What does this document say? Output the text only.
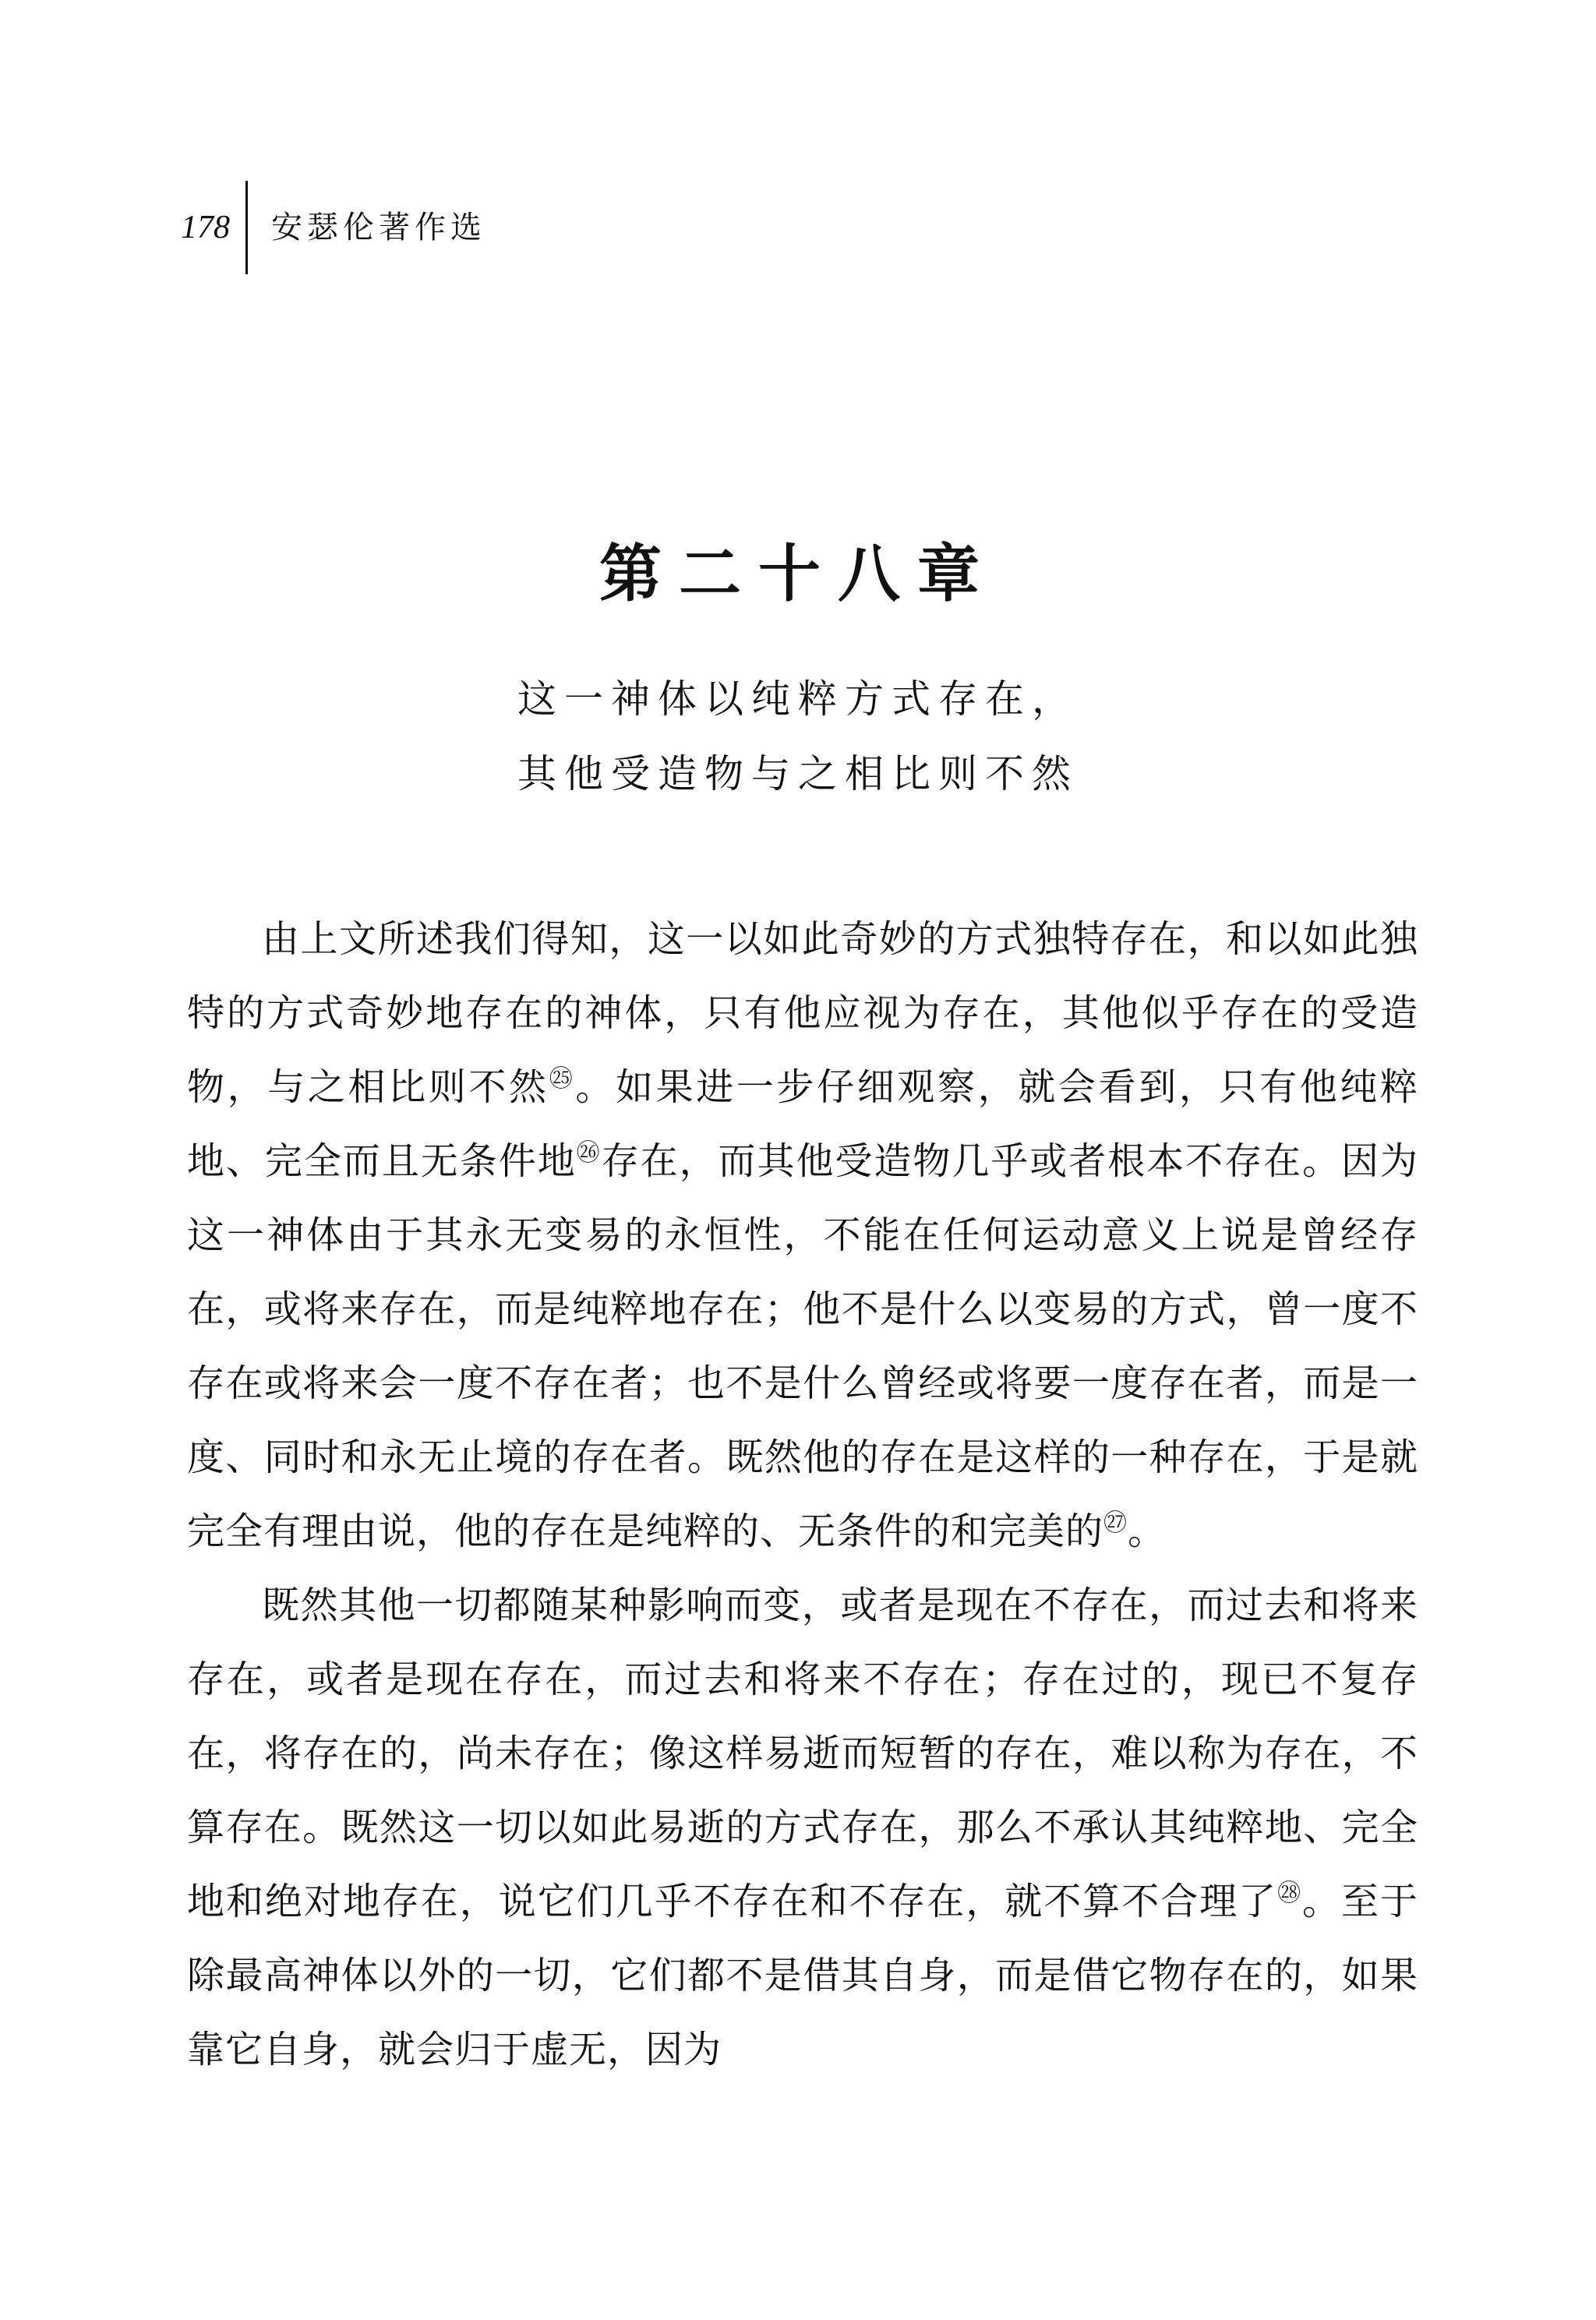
178	安瑟伦著作选
第二十八章
这一神体以纯粹方式存在，
其他受造物与之相比则不然

由上文所述我们得知，这一以如此奇妙的方式独特存在，和以如此独特的方式奇妙地存在的神体，只有他应视为存在，其他似乎存在的受造物，与之相比则不然$^㉕$。如果进一步仔细观察，就会看到，只有他纯粹地、完全而且无条件地$^㉖$存在，而其他受造物几乎或者根本不存在。因为这一神体由于其永无变易的永恒性，不能在任何运动意义上说是曾经存在，或将来存在，而是纯粹地存在；他不是什么以变易的方式，曾一度不存在或将来会一度不存在者；也不是什么曾经或将要一度存在者，而是一度、同时和永无止境的存在者。既然他的存在是这样的一种存在，于是就完全有理由说，他的存在是纯粹的、无条件的和完美的$^㉗$。

既然其他一切都随某种影响而变，或者是现在不存在，而过去和将来存在，或者是现在存在，而过去和将来不存在；存在过的，现已不复存在，将存在的，尚未存在；像这样易逝而短暂的存在，难以称为存在，不算存在。既然这一切以如此易逝的方式存在，那么不承认其纯粹地、完全地和绝对地存在，说它们几乎不存在和不存在，就不算不合理了$^㉘$。至于除最高神体以外的一切，它们都不是借其自身，而是借它物存在的，如果靠它自身，就会归于虚无，因为
